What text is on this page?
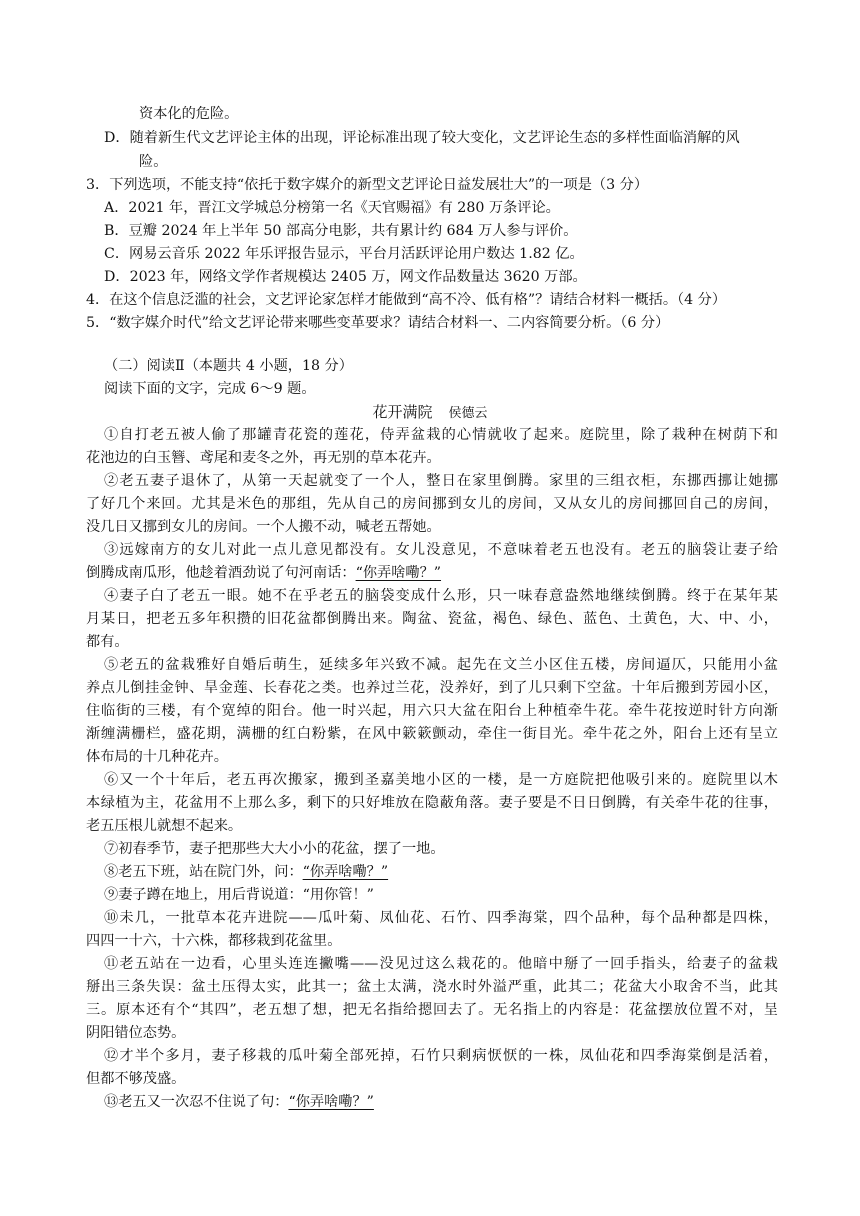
资本化的危险。
D．随着新生代文艺评论主体的出现，评论标准出现了较大变化，文艺评论生态的多样性面临消解的风
险。
3．下列选项，不能支持“依托于数字媒介的新型文艺评论日益发展壮大”的一项是（3 分）
A．2021 年，晋江文学城总分榜第一名《天官赐福》有 280 万条评论。
B．豆瓣 2024 年上半年 50 部高分电影，共有累计约 684 万人参与评价。
C．网易云音乐 2022 年乐评报告显示，平台月活跃评论用户数达 1.82 亿。
D．2023 年，网络文学作者规模达 2405 万，网文作品数量达 3620 万部。
4．在这个信息泛滥的社会，文艺评论家怎样才能做到“高不冷、低有格”？请结合材料一概括。（4 分）
5．“数字媒介时代”给文艺评论带来哪些变革要求？请结合材料一、二内容简要分析。（6 分）
（二）阅读Ⅱ（本题共 4 小题，18 分）
阅读下面的文字，完成 6～9 题。
花开满院 侯德云
①自打老五被人偷了那罐青花瓷的莲花，侍弄盆栽的心情就收了起来。庭院里，除了栽种在树荫下和
花池边的白玉簪、鸢尾和麦冬之外，再无别的草本花卉。
②老五妻子退休了，从第一天起就变了一个人，整日在家里倒腾。家里的三组衣柜，东挪西挪让她挪
了好几个来回。尤其是米色的那组，先从自己的房间挪到女儿的房间，又从女儿的房间挪回自己的房间，
没几日又挪到女儿的房间。一个人搬不动，喊老五帮她。
③远嫁南方的女儿对此一点儿意见都没有。女儿没意见，不意味着老五也没有。老五的脑袋让妻子给
倒腾成南瓜形，他趁着酒劲说了句河南话：“你弄啥嘞？”
④妻子白了老五一眼。她不在乎老五的脑袋变成什么形，只一味春意盎然地继续倒腾。终于在某年某
月某日，把老五多年积攒的旧花盆都倒腾出来。陶盆、瓷盆，褐色、绿色、蓝色、土黄色，大、中、小，
都有。
⑤老五的盆栽雅好自婚后萌生，延续多年兴致不减。起先在文兰小区住五楼，房间逼仄，只能用小盆
养点儿倒挂金钟、旱金莲、长春花之类。也养过兰花，没养好，到了儿只剩下空盆。十年后搬到芳园小区，
住临街的三楼，有个宽绰的阳台。他一时兴起，用六只大盆在阳台上种植牵牛花。牵牛花按逆时针方向渐
渐缠满栅栏，盛花期，满栅的红白粉紫，在风中簌簌颤动，牵住一街目光。牵牛花之外，阳台上还有呈立
体布局的十几种花卉。
⑥又一个十年后，老五再次搬家，搬到圣嘉美地小区的一楼，是一方庭院把他吸引来的。庭院里以木
本绿植为主，花盆用不上那么多，剩下的只好堆放在隐蔽角落。妻子要是不日日倒腾，有关牵牛花的往事，
老五压根儿就想不起来。
⑦初春季节，妻子把那些大大小小的花盆，摆了一地。
⑧老五下班，站在院门外，问：“你弄啥嘞？”
⑨妻子蹲在地上，用后背说道：“用你管！”
⑩未几，一批草本花卉进院——瓜叶菊、凤仙花、石竹、四季海棠，四个品种，每个品种都是四株，
四四一十六，十六株，都移栽到花盆里。
⑪老五站在一边看，心里头连连撇嘴——没见过这么栽花的。他暗中掰了一回手指头，给妻子的盆栽
掰出三条失误：盆土压得太实，此其一；盆土太满，浇水时外溢严重，此其二；花盆大小取舍不当，此其
三。原本还有个“其四”，老五想了想，把无名指给摁回去了。无名指上的内容是：花盆摆放位置不对，呈
阴阳错位态势。
⑫才半个多月，妻子移栽的瓜叶菊全部死掉，石竹只剩病恹恹的一株，凤仙花和四季海棠倒是活着，
但都不够茂盛。
⑬老五又一次忍不住说了句：“你弄啥嘞？”
